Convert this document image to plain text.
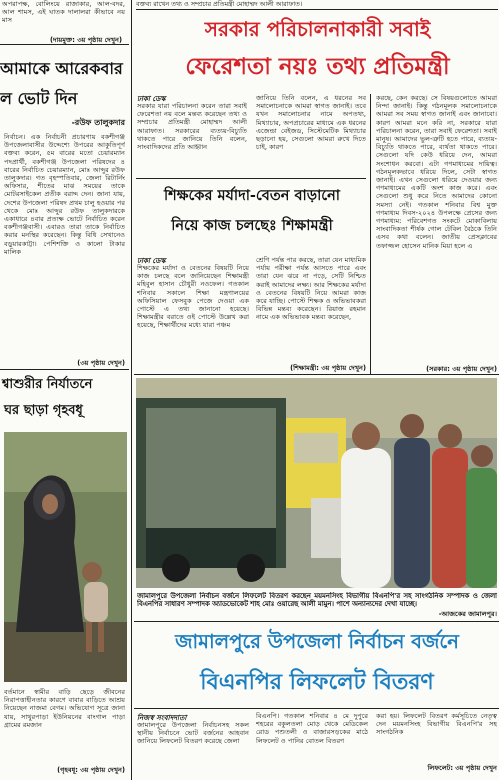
বক্তব্য রাখেন তথ্য ও সম্প্রচার প্রতিমন্ত্রী মোহাম্মদ আলী আরাফাত।
অপরাপক্ষ, বোলিংয়ে রাজাকার, আল-বদর, আল শামস, এই ঘাতক দালালরা কীভাবে নয় মাস
(দায়মুক্ত: ৩য় পৃষ্ঠায় দেখুন)
আমাকে আরেকবার
ল ভোট দিন
-রউফ তালুকদার
নির্বাচন। এক নির্বাচনী প্রচারণায় বকশীগঞ্জ উপজেলাবাসীর উদ্দেশ্যে উপরের আকুতিপূর্ণ বক্তব্য করেন, ৫ম বারের মতো চেয়ারম্যান পদপ্রার্থী, বকশীগঞ্জ উপজেলা পরিষদের ৪ বারের নির্বাচিত চেয়ারম্যান, মোঃ আব্দুর রউফ তালুকদার। গত বৃহস্পতিবার, জেলা রিটার্নিং অফিসার, শীতের মাঝ সময়ের তাকে মোটরসাইকেল প্রতীক বরাদ্দ দেন। জানা যায়, দেশের উপজেলা পরিষদ প্রথম চালু হওয়ার পর থেকে মোঃ আব্দুর রউফ তালুকদারকে একাধারে ৪বার প্রত্যক্ষ ভোটে নির্বাচিত করেন বকশীগঞ্জবাসী। এবারও তারা তাকে নির্বাচিত করার মনস্থির করেছেন। কিন্তু বিধি সেখানেও বড়ুয়ারকাট্টা। পেশিশক্তি ও কালো টাকার মালিক
(৩য় পৃষ্ঠায় দেখুন)
শ্বাশুরীর নির্যাতনে
ঘর ছাড়া গৃহবধূ
বর্তমানে স্বামীর বাড়ি ছেড়ে জীবনের নিরাপত্তাহীনতার কারণে বাবার বাড়িতে আশ্রয় নিয়েছেন নাজমা বেগম। অভিযোগ সূত্রে জানা যায়, সাথুরপাড়া ইউনিয়নের বাংগাল পাড়া গ্রামের রমজান
(গৃহবধূ: ৩য় পৃষ্ঠায় দেখুন)
সরকার পরিচালনাকারী সবাই
ফেরেশতা নয়ঃ তথ্য প্রতিমন্ত্রী
ঢাকা ডেস্ক
সরকার যারা পরিচালনা করেন তারা সবাই ফেরেশতা নয় বলে মন্তব্য করেছেন তথ্য ও সম্প্রচার প্রতিমন্ত্রী মোহাম্মদ আলী আরাফাত। সরকারের ব্যত্যয়-বিচ্যুতি থাকতে পারে জানিয়ে তিনি বলেন, সাংবাদিকদের প্রতি আহ্বান
জানিয়ে তিনি বলেন, এ ধরনের সব সমালোচনাকে আমরা স্বাগত জানাই। তবে যখন সমালোচনার নামে অপতথ্য, মিথ্যাচার, অপপ্রচারের মাধ্যমে এক ধরনের এজেন্ডা বেইজড, সিস্টেমেটিক মিথ্যাচার ছড়ানো হয়, সেগুলো আমরা রুখে দিতে চাই, কারণ
করছে, কেন করছে। সে বিষয়গুলোতে আমরা নিন্দা জানাই। কিন্তু গঠনমূলক সমালোচনাকে আমরা সব সময় স্বাগত জানাই এবং জানাবো। কারণ আমরা মনে করি না, সরকারে যারা পরিচালনা করেন, তারা সবাই ফেরেশতা। সবাই মানুষ। আমাদের ভুল-ত্রুটি হতে পারে, ব্যত্যয়-বিচ্যুতি থাকতে পারে, ব্যর্থতা থাকতে পারে। সেগুলো যদি কেউ ধরিয়ে দেন, আমরা সংশোধন করবো। এটা গণমাধ্যমের দায়িত্ব। গঠনমূলকভাবে ধরিয়ে দিলে, সেটা স্বাগত জানাই। এখন সেগুলো ধরিয়ে দেওয়ার জন্য গণমাধ্যমের একটি অংশ কাজ করে। এবং সেগুলো শুধু করে নিতে আমাদের কোনো সমস্যা নেই। গতকাল শনিবার বিশ্ব মুক্ত গণমাধ্যম দিবস-২০২৪ উপলক্ষে প্রেসের জন্য গণমাধ্যম: পরিবেশগত সংকটে মোকাবিলায় সাংবাদিকতা শীর্ষক গোল টেবিল বৈঠকে তিনি এসব কথা বলেন। জাতীয় প্রেসক্লাবের তফাজ্জল হোসেন মানিক মিয়া হলে এ
(সরকার: ৩য় পৃষ্ঠায় দেখুন)
শিক্ষকের মর্যাদা-বেতন বাড়ানো
নিয়ে কাজ চলছেঃ শিক্ষামন্ত্রী
ঢাকা ডেস্ক
শিক্ষকের মর্যাদা ও বেতনের বিষয়টি নিয়ে কাজ চলছে বলে জানিয়েছেন শিক্ষামন্ত্রী মহিবুল হাসান চৌধুরী নওফেল। গতকাল শনিবার সকালে শিক্ষা মন্ত্রণালয়ের অফিসিয়াল ফেসবুক পেজে দেওয়া এক পোস্টে এ তথ্য জানানো হয়েছে। শিক্ষামন্ত্রীর বরাতে ওই পোস্টে উল্লেখ করা হয়েছে, শিক্ষার্থীদের মধ্যে যারা পঞ্চম
শ্রেণি পর্যন্ত পার করছে, তারা যেন মাধ্যমিক পর্যায় পরীক্ষা পর্যন্ত আসতে পারে এবং তারা যেন ঝরে না পড়ে, সেটি নিশ্চিত করাই আমাদের লক্ষ্য। আর শিক্ষকের মর্যাদা ও বেতনের বিষয়টি নিয়ে আমরা কাজ করে যাচ্ছি। পোস্টে শিক্ষক ও অভিভাবকরা বিভিন্ন মন্তব্য করেছেন। রিয়াজ রহমান নামে এক অভিভাবক মন্তব্য করেছেন,
(শিক্ষামন্ত্রী: ৩য় পৃষ্ঠায় দেখুন)
জামালপুরে উপজেলা নির্বাচন বর্জনে লিফলেট বিতরণ করছেন ময়মনসিংহ বিভাগীয় বিএনপি'র সহ সাংগঠনিক সম্পাদক ও জেলা বিএনপির সাধারণ সম্পাদক অ্যাডভোকেট শাহ মোঃ ওয়ারেছ আলী মামুন। পাশে অন্যান্যদের দেখা যাচ্ছে।
-আজকের জামালপুর।
জামালপুরে উপজেলা নির্বাচন বর্জনে
বিএনপির লিফলেট বিতরণ
নিজস্ব সংবাদদাতা
জামালপুরে উপজেলা নির্বাচনসহ সকল স্থানীয় নির্বাচনে ভোট বর্জনের আহবান জানিয়ে লিফলেট বিতরণ করেছে জেলা
বিএনপি। গতকাল শনিবার ৪ মে দুপুরে শহরের বকুলতলা মোড় থেকে মেডিকেল রোড পশুতলী ও বাজারসড়কের মাঠে লিফলেট ও পানির বোতল বিতরণ
করা হয়। লিফলেট বিতরণ কর্মসূচিতে নেতৃত্ব দেন ময়মনসিংহ বিভাগীয় বিএনপি'র সহ সাংগঠনিক
লিফলেট: ৩য় পৃষ্ঠায় দেখুন
